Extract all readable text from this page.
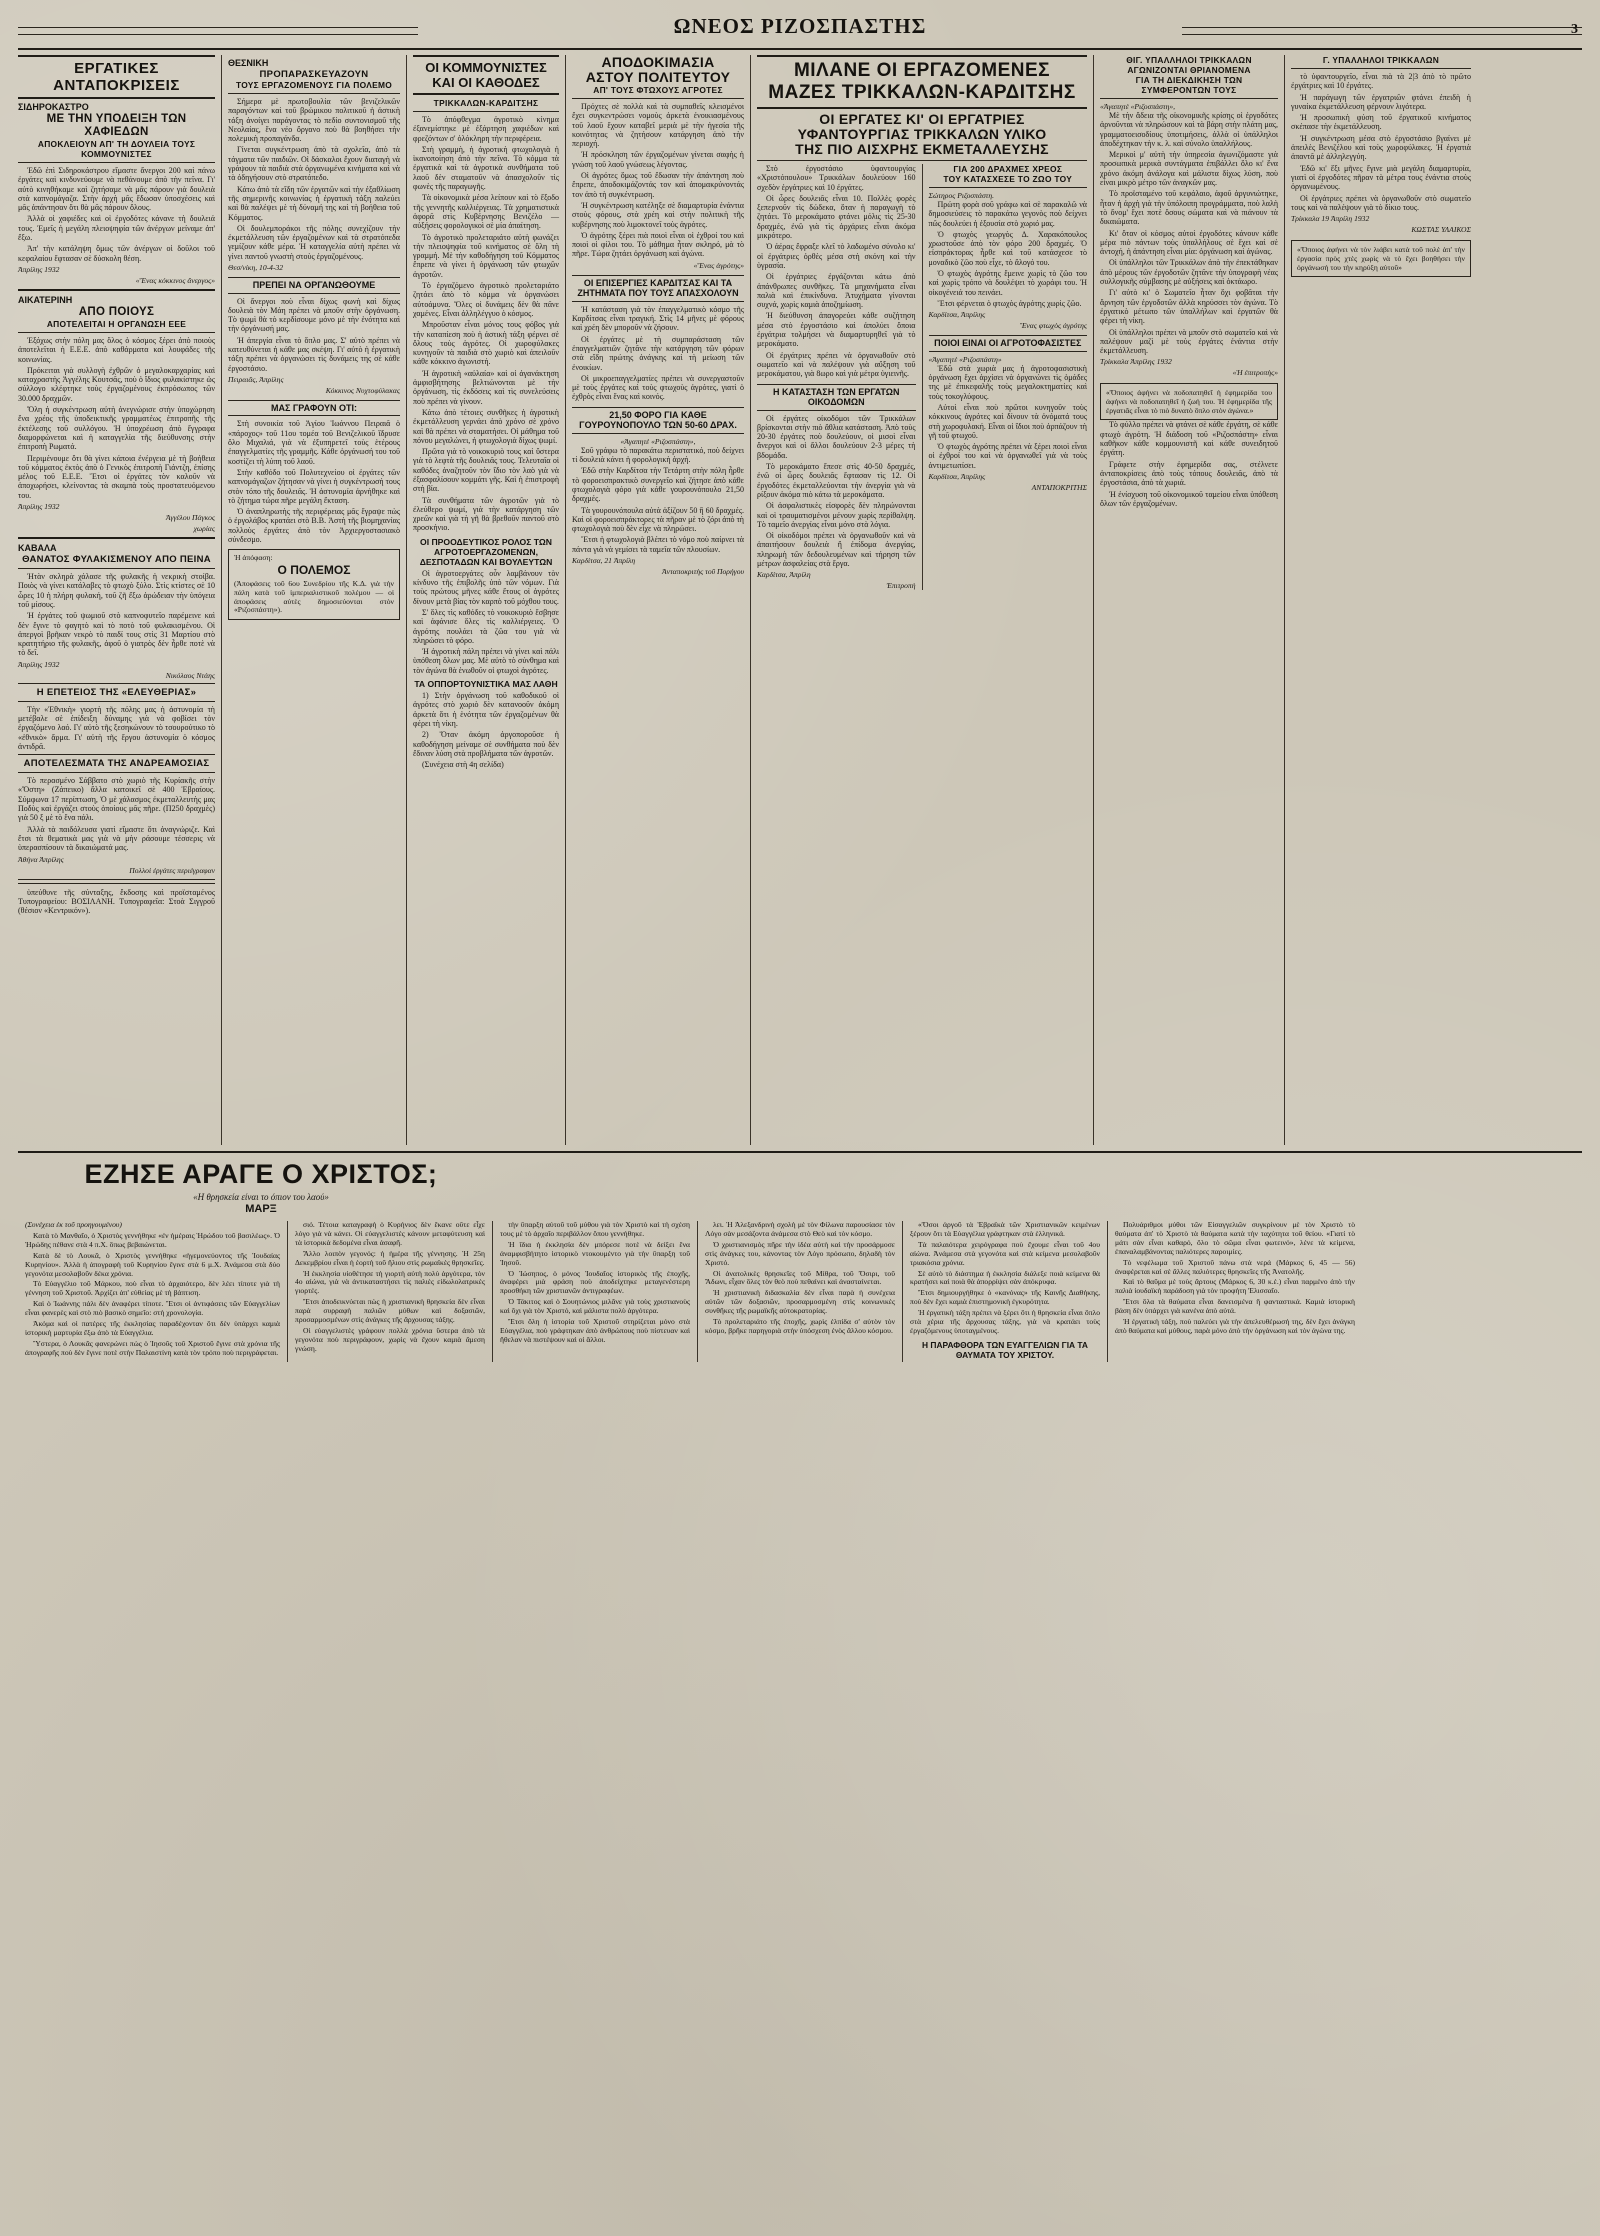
ΩΝΕΟΣ ΡΙΖΟΣΠΑΣΤΗΣ	3
ΕΡΓΑΤΙΚΕΣ ΑΝΤΑΠΟΚΡΙΣΕΙΣ
ΣΙΔΗΡΟΚΑΣΤΡΟ
ΜΕ ΤΗΝ ΥΠΟΔΕΙΞΗ ΤΩΝ ΧΑΦΙΕΔΩΝ
ΑΠΟΚΛΕΙΟΥΝ ΑΠ' ΤΗ ΔΟΥΛΕΙΑ ΤΟΥΣ ΚΟΜΜΟΥΝΙΣΤΕΣ

Ἐδῶ ἐπὶ Σιδηροκάστρου εἴμαστε ἄνεργοι 200 καὶ πάνω ἐργάτες καὶ κινδυνεύουμε νὰ πεθάνουμε ἀπὸ τὴν πεῖνα. Γι' αὐτὸ κινηθήκαμε καὶ ζητήσαμε νὰ μᾶς πάρουν γιὰ δουλειὰ στὰ καπνομάγαζα. Στὴν ἀρχὴ μᾶς ἔδωσαν ὑποσχέσεις καὶ μᾶς ἀπάντησαν ὅτι θὰ μᾶς πάρουν ὅλους.

Ἀλλὰ οἱ χαφιέδες καὶ οἱ ἐργοδότες κάνανε τὴ δουλειά τους. Ἐμεῖς ἡ μεγάλη πλειοψηφία τῶν ἀνέργων μείναμε ἀπ' ἔξω.

Ἀπ' τὴν κατάληψη ὅμως τῶν ἀνέργων οἱ δοῦλοι τοῦ κεφαλαίου ἔφτασαν σὲ δύσκολη θέση.

Ἀπρίλης 1932
«Ἕνας κόκκινος ἄνεργος»
ΑΙΚΑΤΕΡΙΝΗ
ΑΠΟ ΠΟΙΟΥΣ
ΑΠΟΤΕΛΕΙΤΑΙ Η ΟΡΓΑΝΩΣΗ ΕΕΕ

Ἐξόχως στὴν πόλη μας ὅλος ὁ κόσμος ξέρει ἀπὸ ποιοὺς ἀποτελεῖται ἡ Ε.Ε.Ε. ἀπὸ καθάρματα καὶ λουφάδες τῆς κοινωνίας.

Πρόκειται γιὰ συλλογὴ ἐχθρῶν ὁ μεγαλοκαρχαρίας καὶ καταχραστὴς Ἀγγέλης Κουτσᾶς, ποὺ ὁ ἴδιος φυλακίστηκε ὡς σύλλογο κλέφτηκε τοὺς ἐργαζομένους ἐκπρόσωπος τῶν 30.000 δραχμῶν.

Ὅλη ἡ συγκέντρωση αὐτὴ ἀνεγνώρισε στὴν ὑποχώρηση ἕνα χρέος τῆς ὑποδεικτικῆς γραμματέως ἐπιτροπῆς τῆς ἐκτέλεσης τοῦ συλλόγου. Ἡ ὑποχρέωση ἀπὸ ἔγγραφα διαμορφώνεται καὶ ἡ καταγγελία τῆς διεύθυνσης στὴν ἐπιτροπὴ Ρωματά.

Περιμένουμε ὅτι θὰ γίνει κάποια ἐνέργεια μὲ τὴ βοήθεια τοῦ κόμματος ἐκτὸς ἀπὸ ὁ Γενικὸς ἐπιτροπὴ Γιάντζη, ἐπίσης μέλος τοῦ Ε.Ε.Ε. Ἔτσι οἱ ἐργάτες τὸν καλοῦν νὰ ἀποχωρήσει, κλείνοντας τὰ σκαμπὰ τοὺς προστατευόμενου του.

Ἀπρίλης 1932
Ἀγγέλου Πάγκος
χωρίας
ΚΑΒΑΛΑ
ΘΑΝΑΤΟΣ ΦΥΛΑΚΙΣΜΕΝΟΥ ΑΠΟ ΠΕΙΝΑ

Ἠτὰν σκληρὰ χάλασε τῆς φυλακῆς ἡ νεκρικὴ στοίβα. Ποιὸς νὰ γίνει κατάλαβες τὸ φτωχὸ ξύλο. Στὶς κτίστες σὲ 10 ὧρες 10 ἡ πλήρη φυλακή, τοῦ ζῆ ἔξω ἀρώδειαν τὴν ὑπόγεια τοῦ μίσους.

Ἡ ἐργάτες τοῦ ψωμιοῦ στὸ καπνοφυτεῖο παρέμεινε καὶ δὲν ἔγινε τὸ φαγητὸ καὶ τὸ ποτὸ τοῦ φυλακισμένου. Οἱ ἀπεργοὶ βρῆκαν νεκρὸ τὸ παιδί τους στὶς 31 Μαρτίου στὸ κρατητήριο τῆς φυλακῆς, ἀφοῦ ὁ γιατρὸς δὲν ἦρθε ποτὲ νὰ τὸ δεῖ.

Ἀπρίλης 1932
Νικόλαος Ντάης
Η ΕΠΕΤΕΙΟΣ ΤΗΣ «ΕΛΕΥΘΕΡΙΑΣ»

Τὴν «Ἐθνικὴ» γιορτὴ τῆς πόλης μας ἡ ἀστυνομία τὴ μετέβαλε σὲ ἐπίδειξη δύναμης γιὰ νὰ φοβίσει τὸν ἐργαζόμενο λαό. Γι' αὐτὸ τῆς ξεσηκώνουν τὸ τσουρούτικο τὸ «ἐθνικὸ» ἄρμα. Γι' αὐτὴ τῆς ἔργου ἀστυνομία ὁ κόσμος ἀντιδρᾶ.

ΑΠΟΤΕΛΕΣΜΑΤΑ ΤΗΣ ΑΝΔΡΕΑΜΟΣΙΑΣ

Τὸ περασμένο Σάββατο στὸ χωριὸ τῆς Κυρίακῆς στὴν «Ὄστη» (Ζάπεικο) ἄλλα κατοικεῖ σὲ 400 Ἑβραίους. Σύμφωνα 17 περίπτωση, Ὁ μὲ χάλασμος ἐκμεταλλευτὴς μας Ποδὺς καὶ ἐργάζει στοὺς ὁποίους μᾶς πῆρε. (Π250 δραχμὲς) γιὰ 50 ξ μὲ τὸ ἕνα πάλι.

Ἀλλὰ τὰ παιδόλευσα γιατὶ εἴμαστε ὅτι ἀναγνώριζε. Καὶ ἔτσι τὰ θεματικὰ μας γιὰ νὰ μὴν ράσουμε τέσσερις νὰ ὑπερασπίσουν τὰ δικαιώματά μας.

Ἀθήνα Ἀπρίλης
Πολλοὶ ἐργάτες περιέγραφαν

ὑπεύθυνε τῆς σύνταξης, ἔκδοσης καὶ προϊσταμένος Τυπογραφείου: ΒΟΣΙΛΑΝΗ. Τυπογραφεῖα: Στοὰ Σιγγροῦ (θέσιον «Κεντρικόν»).

ΘΕΣΝΙΚΗ
ΠΡΟΠΑΡΑΣΚΕΥΑΖΟΥΝ
ΤΟΥΣ ΕΡΓΑΖΟΜΕΝΟΥΣ ΓΙΑ ΠΟΛΕΜΟ

Σήμερα μὲ πρωτοβουλία τῶν βενιζελικῶν παραγόντων καὶ τοῦ βρώμικου πολιτικοῦ ἡ ἀστικὴ τάξη ἀνοίγει παράγοντας τὸ πεδίο συντονισμοῦ τῆς Νεολαίας, ἕνα νέο ὄργανο ποὺ θὰ βοηθήσει τὴν πολεμικὴ προπαγάνδα.

Γίνεται συγκέντρωση ἀπὸ τὰ σχολεῖα, ἀπὸ τὰ τάγματα τῶν παιδιῶν. Οἱ δάσκαλοι ἔχουν διαταγὴ νὰ γράψουν τὰ παιδιὰ στὰ ὀργανωμένα κινήματα καὶ νὰ τὰ ὁδηγήσουν στὸ στρατόπεδο.

Κάτω ἀπὸ τὰ εἴδη τῶν ἐργατῶν καὶ τὴν ἐξαθλίωση τῆς σημερινῆς κοινωνίας ἡ ἐργατικὴ τάξη παλεύει καὶ θὰ παλέψει μὲ τὴ δύναμή της καὶ τὴ βοήθεια τοῦ Κόμματος.

Οἱ δουλεμποράκοι τῆς πόλης συνεχίζουν τὴν ἐκμετάλλευση τῶν ἐργαζομένων καὶ τὰ στρατόπεδα γεμίζουν κάθε μέρα. Ἡ καταγγελία αὐτὴ πρέπει νὰ γίνει παντοῦ γνωστὴ στοὺς ἐργαζομένους.

Θεσ/νίκη, 10-4-32
ΠΡΕΠΕΙ ΝΑ ΟΡΓΑΝΩΘΟΥΜΕ

Οἱ ἄνεργοι ποὺ εἶναι δίχως φωνὴ καὶ δίχως δουλειὰ τὸν Μάη πρέπει νὰ μποῦν στὴν ὀργάνωση. Τὸ ψωμὶ θὰ τὸ κερδίσουμε μόνο μὲ τὴν ἑνότητα καὶ τὴν ὀργάνωσή μας.

Ἡ ἀπεργία εἶναι τὸ ὅπλο μας. Σ' αὐτὸ πρέπει νὰ κατευθύνεται ἡ κάθε μας σκέψη. Γι' αὐτὸ ἡ ἐργατικὴ τάξη πρέπει νὰ ὀργανώσει τὶς δυνάμεις της σὲ κάθε ἐργοστάσιο.

Πειραιᾶς, Ἀπρίλης
Κόκκινος Νυχτοφύλακας
ΜΑΣ ΓΡΑΦΟΥΝ ΟΤΙ:

Στὴ συνοικία τοῦ Ἁγίου Ἰωάννου Πειραιᾶ ὁ «πάροχος» τοῦ 11ου τομέα τοῦ Βενιζελικοῦ ἵδρυσε ὄλο Μιχαλιά, γιὰ νὰ ἐξυπηρετεῖ τοὺς ἑτέρους ἐπαγγελματίες τῆς γραμμῆς. Κάθε ὀργάνωσή του τοῦ κοστίζει τὴ λύπη τοῦ λαοῦ.

Στὴν καθόδο τοῦ Πολυτεχνείου οἱ ἐργάτες τῶν καπνομάγαζων ζήτησαν νὰ γίνει ἡ συγκέντρωσή τους στὸν τόπο τῆς δουλειᾶς. Ἡ ἀστυνομία ἀρνήθηκε καὶ τὸ ζήτημα τώρα πῆρε μεγάλη ἔκταση.

Ὁ ἀναπληρωτὴς τῆς περιφέρειας μᾶς ἔγραψε πὼς ὁ ἐργολάβος κρατάει στὸ Β.Β. Ἀστὴ τῆς βιομηχανίας πολλοὺς ἐργάτες ἀπὸ τὸν Ἀρχιεργοστασιακὸ σύνδεσμο.

Ἡ ἀπόφαση:
Ο ΠΟΛΕΜΟΣ
(Ἀποφάσεις τοῦ 6ου Συνεδρίου τῆς Κ.Δ. γιὰ τὴν πάλη κατὰ τοῦ ἱμπεριαλιστικοῦ πολέμου — οἱ ἀποφάσεις αὐτὲς δημοσιεύονται στὸν «Ριζοσπάστη»).
ΟΙ ΚΟΜΜΟΥΝΙΣΤΕΣ ΚΑΙ ΟΙ ΚΑΘΟΔΕΣ
ΤΡΙΚΚΑΛΩΝ-ΚΑΡΔΙΤΣΗΣ

Τὸ ἀπόφθεγμα ἀγροτικὸ κίνημα ἐξανεμίστηκε μὲ ἐξάρτηση χαφιέδων καὶ φρεζόντων σ' ὁλόκληρη τὴν περιφέρεια.

Στὴ γραμμὴ, ἡ ἀγροτικὴ φτωχολογιὰ ἡ ἱκανοποίηση ἀπὸ τὴν πεῖνα. Τὸ κόμμα τὰ ἐργατικὰ καὶ τὰ ἀγροτικὰ συνθήματα τοῦ λαοῦ δὲν σταματοῦν νὰ ἀπασχολοῦν τὶς φωνὲς τῆς παραγωγῆς.

Τὰ οἰκονομικὰ μέσα λείπουν καὶ τὸ ἔξοδο τῆς γεννητῆς καλλιέργειας. Τὰ χρηματιστικὰ ἀφορᾶ στὶς Κυβέρνησης Βενιζέλο — αὐξήσεις φορολογικοὶ σὲ μία ἀπαίτηση.

Τὸ ἀγροτικὸ προλεταριάτο αὐτὴ φωνάζει τὴν πλειοψηφία τοῦ κινήματος σὲ ὅλη τὴ γραμμή. Μὲ τὴν καθοδήγηση τοῦ Κόμματος ἔπρεπε νὰ γίνει ἡ ὀργάνωση τῶν φτωχῶν ἀγροτῶν.

Τὸ ἐργαζόμενο ἀγροτικὸ προλεταριάτο ζητάει ἀπὸ τὸ κόμμα νὰ ὀργανώσει αὐτοάμυνα. Ὅλες οἱ δυνάμεις δὲν θὰ πᾶνε χαμένες. Εἶναι ἀλληλέγγυο ὁ κόσμος.

Μπροῦσταν εἶναι μόνος τους φόβος γιὰ τὴν καταπίεση ποὺ ἡ ἀστικὴ τάξη φέρνει σὲ ὅλους τοὺς ἀγρότες. Οἱ χωροφύλακες κυνηγοῦν τὰ παιδιὰ στὸ χωριὸ καὶ ἀπειλοῦν κάθε κόκκινο ἀγωνιστή.

Ἡ ἀγροτικὴ «αὐλαία» καὶ οἱ ἀγανάκτηση ἀμφισβήτησης βελτιώνονται μὲ τὴν ὀργάνωση, τὶς ἐκδόσεις καὶ τὶς συνελεύσεις ποὺ πρέπει νὰ γίνουν.

Κάτω ἀπὸ τέτοιες συνθῆκες ἡ ἀγροτικὴ ἐκμετάλλευση γερνάει ἀπὸ χρόνο σὲ χρόνο καὶ θὰ πρέπει νὰ σταματήσει. Οἱ μάθημα τοῦ πόνου μεγαλώνει, ἡ φτωχολογιὰ δίχως ψωμί.

Πρῶτα γιὰ τὸ νοικοκυριὸ τους καὶ ὕστερα γιὰ τὸ λεφτὰ τῆς δουλειᾶς τους. Τελευταῖα οἱ καθόδες ἀναζητοῦν τὸν ἴδιο τὸν λαὸ γιὰ νὰ ἐξασφαλίσουν κομμάτι γῆς. Καὶ ἡ ἐπιστροφὴ στὴ βία.

Τὰ συνθήματα τῶν ἀγροτῶν γιὰ τὸ ἐλεύθερο ψωμί, γιὰ τὴν κατάργηση τῶν χρεῶν καὶ γιὰ τὴ γῆ θὰ βρεθοῦν παντοῦ στὸ προσκήνιο.

ΟΙ ΠΡΟΟΔΕΥΤΙΚΟΣ ΡΟΛΟΣ ΤΩΝ ΑΓΡΟΤΟΕΡΓΑΖΟΜΕΝΩΝ, ΔΕΣΠΟΤΑΔΩΝ ΚΑΙ ΒΟΥΛΕΥΤΩΝ

Οἱ ἀγροτοεργάτες οὖν λαμβάνουν τὸν κίνδυνο τῆς ἐπιβολῆς ὑπὸ τῶν νόμων. Γιὰ τοὺς πρώτους μῆνες κάθε ἔτους οἱ ἀγρότες δίνουν μετὰ βίας τὸν καρπὸ τοῦ μόχθου τους.

Σ' ὅλες τὶς καθόδες τὸ νοικοκυριὸ ἔσβησε καὶ ἀφάνισε ὅλες τὶς καλλιέργειες. Ὁ ἀγρότης πουλάει τὰ ζῶα του γιὰ νὰ πληρώσει τὸ φόρο.

Ἡ ἀγροτικὴ πάλη πρέπει νὰ γίνει καὶ πάλι ὑπόθεση ὅλων μας. Μὲ αὐτὸ τὸ σύνθημα καὶ τὸν ἀγώνα θὰ ἑνωθοῦν οἱ φτωχοὶ ἀγρότες.

ΤΑ ΟΠΠΟΡΤΟΥΝΙΣΤΙΚΑ ΜΑΣ ΛΑΘΗ

1) Στὴν ὀργάνωση τοῦ καθοδικοῦ οἱ ἀγρότες στὸ χωριὸ δὲν κατανοοῦν ἀκόμη ἀρκετὰ ὅτι ἡ ἑνότητα τῶν ἐργαζομένων θὰ φέρει τὴ νίκη.

2) Ὅταν ἀκόμη ἀργοποροῦσε ἡ καθοδήγηση μείναμε σὲ συνθήματα ποὺ δὲν ἔδιναν λύση στὰ προβλήματα τῶν ἀγροτῶν.

(Συνέχεια στὴ 4η σελίδα)

ΑΠΟΔΟΚΙΜΑΣΙΑ
ΑΣΤΟΥ ΠΟΛΙΤΕΥΤΟΥ
ΑΠ' ΤΟΥΣ ΦΤΩΧΟΥΣ ΑΓΡΟΤΕΣ

Πρόχτες σὲ πολλὰ καὶ τὰ συμπαθεῖς κλεισμένοι ἔχει συγκεντρώσει νομοὺς ἀρκετὰ ἐνοικιασμένους τοῦ λαοῦ ἔχουν καταβεῖ μεριὰ μὲ τὴν ἡγεσία τῆς κοινότητας νὰ ζητήσουν κατάργηση ἀπὸ τὴν περιοχή.

Ἡ πρόσκληση τῶν ἐργαζομένων γίνεται σαφὴς ἡ γνώση τοῦ λαοῦ γνώσεως λέγοντας.

Οἱ ἀγρότες ὅμως τοῦ ἔδωσαν τὴν ἀπάντηση ποὺ ἔπρεπε, ἀποδοκιμάζοντάς τον καὶ ἀπομακρύνοντάς τον ἀπὸ τὴ συγκέντρωση.

Ἡ συγκέντρωση κατέληξε σὲ διαμαρτυρία ἐνάντια στοὺς φόρους, στὰ χρέη καὶ στὴν πολιτικὴ τῆς κυβέρνησης ποὺ λιμοκτονεῖ τοὺς ἀγρότες.

Ὁ ἀγρότης ξέρει πιὰ ποιοὶ εἶναι οἱ ἐχθροί του καὶ ποιοὶ οἱ φίλοι του. Τὸ μάθημα ἦταν σκληρό, μὰ τὸ πῆρε. Τώρα ζητάει ὀργάνωση καὶ ἀγώνα.

«Ἕνας ἀγρότης»
ΟΙ ΕΠΙΣΕΡΓΙΕΣ ΚΑΡΔΙΤΣΑΣ ΚΑΙ ΤΑ ΖΗΤΗΜΑΤΑ ΠΟΥ ΤΟΥΣ ΑΠΑΣΧΟΛΟΥΝ

Ἡ κατάσταση γιὰ τὸν ἐπαγγελματικὸ κόσμο τῆς Καρδίτσας εἶναι τραγική. Στὶς 14 μῆνες μὲ φόρους καὶ χρέη δὲν μποροῦν νὰ ζήσουν.

Οἱ ἐργάτες μὲ τὴ συμπαράσταση τῶν ἐπαγγελματιῶν ζητᾶνε τὴν κατάργηση τῶν φόρων στὰ εἴδη πρώτης ἀνάγκης καὶ τὴ μείωση τῶν ἐνοικίων.

Οἱ μικροεπαγγελματίες πρέπει νὰ συνεργαστοῦν μὲ τοὺς ἐργάτες καὶ τοὺς φτωχοὺς ἀγρότες, γιατὶ ὁ ἐχθρὸς εἶναι ἕνας καὶ κοινός.

21,50 ΦΟΡΟ ΓΙΑ ΚΑΘΕ ΓΟΥΡΟΥΝΟΠΟΥΛΟ ΤΩΝ 50-60 ΔΡΑΧ.
«Ἀγαπητὲ «Ριζοσπάστη»,

Σοῦ γράφω τὸ παρακάτω περιστατικό, ποὺ δείχνει τί δουλειὰ κάνει ἡ φορολογικὴ ἀρχή.

Ἐδῶ στὴν Καρδίτσα τὴν Τετάρτη στὴν πόλη ἦρθε τὸ φοροεισπρακτικὸ συνεργεῖο καὶ ζήτησε ἀπὸ κάθε φτωχολογιὰ φόρο γιὰ κάθε γουρουνόπουλο 21,50 δραχμές.

Τὰ γουρουνόπουλα αὐτὰ ἀξίζουν 50 ἢ 60 δραχμές. Καὶ οἱ φοροεισπράκτορες τὰ πῆραν μὲ τὸ ζόρι ἀπὸ τὴ φτωχολογιὰ ποὺ δὲν εἶχε νὰ πληρώσει.

Ἔτσι ἡ φτωχολογιὰ βλέπει τὸ νόμο ποὺ παίρνει τὰ πάντα γιὰ νὰ γεμίσει τὰ ταμεῖα τῶν πλουσίων.

Καρδίτσα, 21 Ἀπρίλη
Ἀνταποκριτὴς τοῦ Πορήγου
ΜΙΛΑΝΕ ΟΙ ΕΡΓΑΖΟΜΕΝΕΣ ΜΑΖΕΣ ΤΡΙΚΚΑΛΩΝ-ΚΑΡΔΙΤΣΗΣ
ΟΙ ΕΡΓΑΤΕΣ ΚΙ' ΟΙ ΕΡΓΑΤΡΙΕΣ
ΥΦΑΝΤΟΥΡΓΙΑΣ ΤΡΙΚΚΑΛΩΝ ΥΛΙΚΟ
ΤΗΣ ΠΙΟ ΑΙΣΧΡΗΣ ΕΚΜΕΤΑΛΛΕΥΣΗΣ

Στὸ ἐργοστάσιο ὑφαντουργίας «Χριστόπουλου» Τρικκάλων δουλεύουν 160 σχεδὸν ἐργάτριες καὶ 10 ἐργάτες.

Οἱ ὧρες δουλειᾶς εἶναι 10. Πολλὲς φορὲς ξεπερνοῦν τὶς δώδεκα, ὅταν ἡ παραγωγὴ τὸ ζητάει. Τὸ μεροκάματο φτάνει μόλις τὶς 25-30 δραχμές, ἐνῶ γιὰ τὶς ἀρχάριες εἶναι ἀκόμα μικρότερο.

Ὁ ἀέρας ἔφραξε κλεῖ τὸ λαδωμένο σύνολο κι' οἱ ἐργάτριες ὀρθὲς μέσα στὴ σκόνη καὶ τὴν ὑγρασία.

Οἱ ἐργάτριες ἐργάζονται κάτω ἀπὸ ἀπάνθρωπες συνθῆκες. Τὰ μηχανήματα εἶναι παλιὰ καὶ ἐπικίνδυνα. Ἀτυχήματα γίνονται συχνά, χωρὶς καμιὰ ἀποζημίωση.

Ἡ διεύθυνση ἀπαγορεύει κάθε συζήτηση μέσα στὸ ἐργοστάσιο καὶ ἀπολύει ὅποια ἐργάτρια τολμήσει νὰ διαμαρτυρηθεῖ γιὰ τὸ μεροκάματο.

Οἱ ἐργάτριες πρέπει νὰ ὀργανωθοῦν στὸ σωματεῖο καὶ νὰ παλέψουν γιὰ αὔξηση τοῦ μεροκάματου, γιὰ 8ωρο καὶ γιὰ μέτρα ὑγιεινῆς.

Η ΚΑΤΑΣΤΑΣΗ ΤΩΝ ΕΡΓΑΤΩΝ ΟΙΚΟΔΟΜΩΝ

Οἱ ἐργάτες οἰκοδόμοι τῶν Τρικκάλων βρίσκονται στὴν πιὸ ἄθλια κατάσταση. Ἀπὸ τοὺς 20-30 ἐργάτες ποὺ δουλεύουν, οἱ μισοὶ εἶναι ἄνεργοι καὶ οἱ ἄλλοι δουλεύουν 2-3 μέρες τὴ βδομάδα.

Τὸ μεροκάματο ἔπεσε στὶς 40-50 δραχμές, ἐνῶ οἱ ὧρες δουλειᾶς ἔφτασαν τὶς 12. Οἱ ἐργοδότες ἐκμεταλλεύονται τὴν ἀνεργία γιὰ νὰ ρίξουν ἀκόμα πιὸ κάτω τὰ μεροκάματα.

Οἱ ἀσφαλιστικὲς εἰσφορὲς δὲν πληρώνονται καὶ οἱ τραυματισμένοι μένουν χωρὶς περίθαλψη. Τὸ ταμεῖο ἀνεργίας εἶναι μόνο στὰ λόγια.

Οἱ οἰκοδόμοι πρέπει νὰ ὀργανωθοῦν καὶ νὰ ἀπαιτήσουν δουλειὰ ἢ ἐπίδομα ἀνεργίας, πληρωμὴ τῶν δεδουλευμένων καὶ τήρηση τῶν μέτρων ἀσφαλείας στὰ ἔργα.

Καρδίτσα, Ἀπρίλη
Ἐπιτροπὴ
ΓΙΑ 200 ΔΡΑΧΜΕΣ ΧΡΕΟΣ
ΤΟΥ ΚΑΤΑΣΧΕΣΕ ΤΟ ΖΩΟ ΤΟΥ
Σώτηρος Ριζοσπάστη.

Πρώτη φορὰ σοῦ γράφω καὶ σὲ παρακαλῶ νὰ δημοσιεύσεις τὸ παρακάτω γεγονὸς ποὺ δείχνει πῶς δουλεύει ἡ ἐξουσία στὸ χωριό μας.

Ὁ φτωχὸς γεωργὸς Δ. Χαρακόπουλος χρωστοῦσε ἀπὸ τὸν φόρο 200 δραχμές. Ὁ εἰσπράκτορας ἦρθε καὶ τοῦ κατάσχεσε τὸ μοναδικὸ ζῶο ποὺ εἶχε, τὸ ἄλογό του.

Ὁ φτωχὸς ἀγρότης ἔμεινε χωρὶς τὸ ζῶο του καὶ χωρὶς τρόπο νὰ δουλέψει τὸ χωράφι του. Ἡ οἰκογένειά του πεινάει.

Ἔτσι φέρνεται ὁ φτωχὸς ἀγρότης χωρὶς ζῶο.

Καρδίτσα, Ἀπρίλης
Ἕνας φτωχὸς ἀγρότης
ΠΟΙΟΙ ΕΙΝΑΙ ΟΙ ΑΓΡΟΤΟΦΑΣΙΣΤΕΣ
«Ἀγαπητὲ «Ριζοσπάστη»

Ἐδῶ στὰ χωριὰ μας ἡ ἀγροτοφασιστικὴ ὀργάνωση ἔχει ἀρχίσει νὰ ὀργανώνει τὶς ὁμάδες της μὲ ἐπικεφαλῆς τοὺς μεγαλοκτηματίες καὶ τοὺς τοκογλύφους.

Αὐτοὶ εἶναι ποὺ πρῶτοι κυνηγοῦν τοὺς κόκκινους ἀγρότες καὶ δίνουν τὰ ὀνόματά τους στὴ χωροφυλακή. Εἶναι οἱ ἴδιοι ποὺ ἁρπάζουν τὴ γῆ τοῦ φτωχοῦ.

Ὁ φτωχὸς ἀγρότης πρέπει νὰ ξέρει ποιοὶ εἶναι οἱ ἐχθροί του καὶ νὰ ὀργανωθεῖ γιὰ νὰ τοὺς ἀντιμετωπίσει.

Καρδίτσα, Ἀπρίλης
ΑΝΤΑΠΟΚΡΙΤΗΣ
ΘΙΓ. ΥΠΑΛΛΗΛΟΙ ΤΡΙΚΚΑΛΩΝ
ΑΓΩΝΙΖΟΝΤΑΙ ΘΡΙΑΝΟΜΕΝΑ
ΓΙΑ ΤΗ ΔΙΕΚΔΙΚΗΣΗ ΤΩΝ ΣΥΜΦΕΡΟΝΤΩΝ ΤΟΥΣ
«Ἀγαπητὲ «Ριζοσπάστη»,

Μὲ τὴν ἄδεια τῆς οἰκονομικῆς κρίσης οἱ ἐργοδότες ἀρνοῦνται νὰ πληρώσουν καὶ τὰ βάρη στὴν πλάτη μας, γραμματοεισοδίους ὑποτιμήσεις, ἀλλὰ οἱ ὑπάλληλοι ἀποδέχτηκαν τὴν κ. λ. καὶ σύνολο ὑπαλλήλους.

Μερικοὶ μ' αὐτὴ τὴν ὑπηρεσία ἀγωνιζόμαστε γιὰ προσωπικὰ μερικὰ συντάγματα ἐπιβάλλει ὅλο κι' ἕνα χρόνο ἀκόμη ἀνάλογα καὶ μάλιστα δίχως λύση, ποὺ εἶναι μικρὸ μέτρο τῶν ἀναγκῶν μας.

Τὸ προϊσταμένο τοῦ κεφάλαιο, ἀφοῦ ἀργυνιώτηκε, ἦταν ἡ ἀρχὴ γιὰ τὴν ὑπόλοιπη προγράμματα, ποὺ λαλὴ τὸ ὄνομ' ἔχει ποτὲ ὅσους σώματα καὶ νὰ πιάνουν τὰ δικαιώματα.

Κι' ὅταν οἱ κόσμος αὐτοὶ ἐργοδότες κάνουν κάθε μέρα πιὸ πάντων τοὺς ὑπαλλήλους σὲ ἔχει καὶ σὲ ἀντοχή, ἡ ἀπάντηση εἶναι μία: ὀργάνωση καὶ ἀγώνας.

Οἱ ὑπάλληλοι τῶν Τρικκάλων ἀπὸ τὴν ἐπεκτάθηκαν ἀπὸ μέρους τῶν ἐργοδοτῶν ζητᾶνε τὴν ὑπογραφὴ νέας συλλογικῆς σύμβασης μὲ αὐξήσεις καὶ ὀκτάωρο.

Γι' αὐτὸ κι' ὁ Σωματεῖο ἦταν ὅχι φοβᾶται τὴν ἄρνηση τῶν ἐργοδοτῶν ἀλλὰ κηρύσσει τὸν ἀγώνα. Τὸ ἐργατικὸ μέτωπο τῶν ὑπαλλήλων καὶ ἐργατῶν θὰ φέρει τὴ νίκη.

Οἱ ὑπάλληλοι πρέπει νὰ μποῦν στὸ σωματεῖο καὶ νὰ παλέψουν μαζὶ μὲ τοὺς ἐργάτες ἐνάντια στὴν ἐκμετάλλευση.

Τρίκκαλα Ἀπρίλης 1932
«Ἡ ἐπιτροπὴς»
«Ὅποιος ἀφήνει νὰ ποδοπατηθεῖ ἡ ἐφημερίδα του ἀφήνει νὰ ποδοπατηθεῖ ἡ ζωή του. Ἡ ἐφημερίδα τῆς ἐργατιᾶς εἶναι τὸ πιὸ δυνατὸ ὅπλο στὸν ἀγώνα.»

Τὸ φύλλο πρέπει νὰ φτάνει σὲ κάθε ἐργάτη, σὲ κάθε φτωχὸ ἀγρότη. Ἡ διάδοση τοῦ «Ριζοσπάστη» εἶναι καθῆκον κάθε κομμουνιστῆ καὶ κάθε συνειδητοῦ ἐργάτη.

Γράφετε στὴν ἐφημερίδα σας, στέλνετε ἀνταποκρίσεις ἀπὸ τοὺς τόπους δουλειᾶς, ἀπὸ τὰ ἐργοστάσια, ἀπὸ τὰ χωριά.

Ἡ ἐνίσχυση τοῦ οἰκονομικοῦ ταμείου εἶναι ὑπόθεση ὅλων τῶν ἐργαζομένων.

Γ. ΥΠΑΛΛΗΛΟΙ ΤΡΙΚΚΑΛΩΝ

τὸ ὑφαντουργεῖο, εἶναι πιὰ τὰ 2|3 ἀπὸ τὸ πρῶτο ἐργάτριες καὶ 10 ἐργάτες.

Ἡ παράγωγη τῶν ἐργατριῶν φτάνει ἐπειδὴ ἡ γυναίκα ἐκμετάλλευση φέρνουν λιγότερα.

Ἡ προσωπικὴ φύση τοῦ ἐργατικοῦ κινήματος σκέπασε τὴν ἐκμετάλλευση.

Ἡ συγκέντρωση μέσα στὸ ἐργοστάσιο βγαίνει μὲ ἀπειλὲς Βενιζέλου καὶ τοὺς χωροφύλακες. Ἡ ἐργατιὰ ἀπαντᾶ μὲ ἀλληλεγγύη.

Ἐδῶ κι' ἕξι μῆνες ἔγινε μιὰ μεγάλη διαμαρτυρία, γιατὶ οἱ ἐργοδότες πῆραν τὰ μέτρα τους ἐνάντια στοὺς ὀργανωμένους.

Οἱ ἐργάτριες πρέπει νὰ ὀργανωθοῦν στὸ σωματεῖο τους καὶ νὰ παλέψουν γιὰ τὸ δίκιο τους.

Τρίκκαλα 19 Ἀπρίλη 1932
ΚΩΣΤΑΣ ΥΛΑΙΚΟΣ
«Ὅποιος ἀφήνει νὰ τὸν λιάβει κατὰ τοῦ πολὲ ἀπ' τὴν ἐργασία πρὸς χτὲς χωρὶς νὰ τὸ ἔχει βοηθήσει τὴν ὀργάνωσή του τὴν κηρύξη αὐτοῦ»
ΕΖΗΣΕ ΑΡΑΓΕ Ο ΧΡΙΣΤΟΣ;
«Η θρησκεία είναι το όπιον του λαού»
ΜΑΡΞ

(Συνέχεια ἐκ τοῦ προηγουμένου)

Κατὰ τὸ Μανθαῖο, ὁ Χριστὸς γεννήθηκε «ἐν ἡμέραις Ἡρώδου τοῦ βασιλέως». Ὁ Ἡρώδης πέθανε στὰ 4 π.Χ. ὅπως βεβαιώνεται.

Κατὰ δὲ τὸ Λουκᾶ, ὁ Χριστὸς γεννήθηκε «ἡγεμονεύοντος τῆς Ἰουδαίας Κυρηνίου». Ἀλλὰ ἡ ἀπογραφὴ τοῦ Κυρηνίου ἔγινε στὰ 6 μ.Χ. Ἀνάμεσα στὰ δύο γεγονότα μεσολαβοῦν δέκα χρόνια.

Τὸ Εὐαγγέλιο τοῦ Μάρκου, ποὺ εἶναι τὸ ἀρχαιότερο, δὲν λέει τίποτε γιὰ τὴ γέννηση τοῦ Χριστοῦ. Ἀρχίζει ἀπ' εὐθείας μὲ τὴ βάπτιση.

Καὶ ὁ Ἰωάννης πάλι δὲν ἀναφέρει τίποτε. Ἔτσι οἱ ἀντιφάσεις τῶν Εὐαγγελίων εἶναι φανερὲς καὶ στὸ πιὸ βασικὸ σημεῖο: στὴ χρονολογία.

Ἀκόμα καὶ οἱ πατέρες τῆς ἐκκλησίας παραδέχονταν ὅτι δὲν ὑπάρχει καμιὰ ἱστορικὴ μαρτυρία ἔξω ἀπὸ τὰ Εὐαγγέλια.

Ὕστερα, ὁ Λουκᾶς φανερώνει πὼς ὁ Ἰησοῦς τοῦ Χριστοῦ ἔγινε στὰ χρόνια τῆς ἀπογραφῆς ποὺ δὲν ἔγινε ποτὲ στὴν Παλαιστίνη κατὰ τὸν τρόπο ποὺ περιγράφεται.

σιό. Τέτοια καταγραφὴ ὁ Κυρήνιος δὲν ἔκανε οὔτε εἶχε λόγο γιὰ νὰ κάνει. Οἱ εὐαγγελιστὲς κάνουν μεταφύτευση καὶ τὰ ἱστορικὰ δεδομένα εἶναι ἀσαφῆ.

Ἄλλο λοιπὸν γεγονός: ἡ ἡμέρα τῆς γέννησης. Ἡ 25η Δεκεμβρίου εἶναι ἡ ἑορτὴ τοῦ ἥλιου στὶς ρωμαϊκὲς θρησκεῖες.

Ἡ ἐκκλησία υἱοθέτησε τὴ γιορτὴ αὐτὴ πολὺ ἀργότερα, τὸν 4ο αἰώνα, γιὰ νὰ ἀντικαταστήσει τὶς παλιὲς εἰδωλολατρικὲς γιορτές.

Ἔτσι ἀποδεικνύεται πὼς ἡ χριστιανικὴ θρησκεία δὲν εἶναι παρὰ συρραφὴ παλιῶν μύθων καὶ δοξασιῶν, προσαρμοσμένων στὶς ἀνάγκες τῆς ἄρχουσας τάξης.

Οἱ εὐαγγελιστὲς γράφουν πολλὰ χρόνια ὕστερα ἀπὸ τὰ γεγονότα ποὺ περιγράφουν, χωρὶς νὰ ἔχουν καμιὰ ἄμεση γνώση.

τὴν ὕπαρξη αὐτοῦ τοῦ μύθου γιὰ τὸν Χριστὸ καὶ τὴ σχέση τους μὲ τὸ ἀρχαῖο περιβάλλον ὅπου γεννήθηκε.

Ἡ ἴδια ἡ ἐκκλησία δὲν μπόρεσε ποτὲ νὰ δείξει ἕνα ἀναμφισβήτητο ἱστορικὸ ντοκουμέντο γιὰ τὴν ὕπαρξη τοῦ Ἰησοῦ.

Ὁ Ἰώσηπος, ὁ μόνος Ἰουδαῖος ἱστορικὸς τῆς ἐποχῆς, ἀναφέρει μιὰ φράση ποὺ ἀποδείχτηκε μεταγενέστερη προσθήκη τῶν χριστιανῶν ἀντιγραφέων.

Ὁ Τάκιτος καὶ ὁ Σουητώνιος μιλᾶνε γιὰ τοὺς χριστιανοὺς καὶ ὄχι γιὰ τὸν Χριστό, καὶ μάλιστα πολὺ ἀργότερα.

Ἔτσι ὅλη ἡ ἱστορία τοῦ Χριστοῦ στηρίζεται μόνο στὰ Εὐαγγέλια, ποὺ γράφτηκαν ἀπὸ ἀνθρώπους ποὺ πίστευαν καὶ ἤθελαν νὰ πιστέψουν καὶ οἱ ἄλλοι.

λει. Ἡ Ἀλεξανδρινὴ σχολὴ μὲ τὸν Φίλωνα παρουσίασε τὸν Λόγο σὰν μεσάζοντα ἀνάμεσα στὸ Θεὸ καὶ τὸν κόσμο.

Ὁ χριστιανισμὸς πῆρε τὴν ἰδέα αὐτὴ καὶ τὴν προσάρμοσε στὶς ἀνάγκες του, κάνοντας τὸν Λόγο πρόσωπο, δηλαδὴ τὸν Χριστό.

Οἱ ἀνατολικὲς θρησκεῖες τοῦ Μίθρα, τοῦ Ὄσιρι, τοῦ Ἄδωνι, εἶχαν ὅλες τὸν θεὸ ποὺ πεθαίνει καὶ ἀνασταίνεται.

Ἡ χριστιανικὴ διδασκαλία δὲν εἶναι παρὰ ἡ συνέχεια αὐτῶν τῶν δοξασιῶν, προσαρμοσμένη στὶς κοινωνικὲς συνθῆκες τῆς ρωμαϊκῆς αὐτοκρατορίας.

Τὸ προλεταριάτο τῆς ἐποχῆς, χωρὶς ἐλπίδα σ' αὐτὸν τὸν κόσμο, βρῆκε παρηγοριὰ στὴν ὑπόσχεση ἑνὸς ἄλλου κόσμου.

«Ὅσοι ἀργοῦ τὰ Ἑβραϊκὰ τῶν Χριστιανικῶν κειμένων ξέρουν ὅτι τὰ Εὐαγγέλια γράφτηκαν στὰ ἑλληνικά.

Τὰ παλαιότερα χειρόγραφα ποὺ ἔχουμε εἶναι τοῦ 4ου αἰώνα. Ἀνάμεσα στὰ γεγονότα καὶ στὰ κείμενα μεσολαβοῦν τριακόσια χρόνια.

Σὲ αὐτὸ τὸ διάστημα ἡ ἐκκλησία διάλεξε ποιὰ κείμενα θὰ κρατήσει καὶ ποιὰ θὰ ἀπορρίψει σὰν ἀπόκρυφα.

Ἔτσι δημιουργήθηκε ὁ «κανόνας» τῆς Καινῆς Διαθήκης, ποὺ δὲν ἔχει καμιὰ ἐπιστημονικὴ ἐγκυρότητα.

Ἡ ἐργατικὴ τάξη πρέπει νὰ ξέρει ὅτι ἡ θρησκεία εἶναι ὅπλο στὰ χέρια τῆς ἄρχουσας τάξης, γιὰ νὰ κρατάει τοὺς ἐργαζόμενους ὑποταγμένους.

Η ΠΑΡΑΦΘΟΡΑ ΤΩΝ ΕΥΑΓΓΕΛΙΩΝ ΓΙΑ ΤΑ ΘΑΥΜΑΤΑ ΤΟΥ ΧΡΙΣΤΟΥ.

Πολυάριθμοι μύθοι τῶν Εἰσαγγελιῶν συγκρίνουν μὲ τὸν Χριστὸ τὸ θαύματα ἀπ' τὸ Χριστὸ τὰ θαύματα κατὰ τὴν ταχύτητα τοῦ θείου. «Γιατί τὸ μάτι σὰν εἶναι καθαρό, ὅλο τὸ σῶμα εἶναι φωτεινό», λένε τὰ κείμενα, ἐπαναλαμβάνοντας παλιότερες παροιμίες.

Τὸ νεφέλωμα τοῦ Χριστοῦ πάνω στὰ νερά (Μάρκος 6, 45 — 56) ἀναφέρεται καὶ σὲ ἄλλες παλιότερες θρησκεῖες τῆς Ἀνατολῆς.

Καὶ τὸ θαῦμα μὲ τοὺς ἄρτους (Μάρκος 6, 30 κ.ἑ.) εἶναι παρμένο ἀπὸ τὴν παλιὰ ἰουδαϊκὴ παράδοση γιὰ τὸν προφήτη Ἐλισσαῖο.

Ἔτσι ὅλα τὰ θαύματα εἶναι δανεισμένα ἢ φανταστικά. Καμιὰ ἱστορικὴ βάση δὲν ὑπάρχει γιὰ κανένα ἀπὸ αὐτά.

Ἡ ἐργατικὴ τάξη, ποὺ παλεύει γιὰ τὴν ἀπελευθέρωσή της, δὲν ἔχει ἀνάγκη ἀπὸ θαύματα καὶ μύθους, παρὰ μόνο ἀπὸ τὴν ὀργάνωση καὶ τὸν ἀγώνα της.
